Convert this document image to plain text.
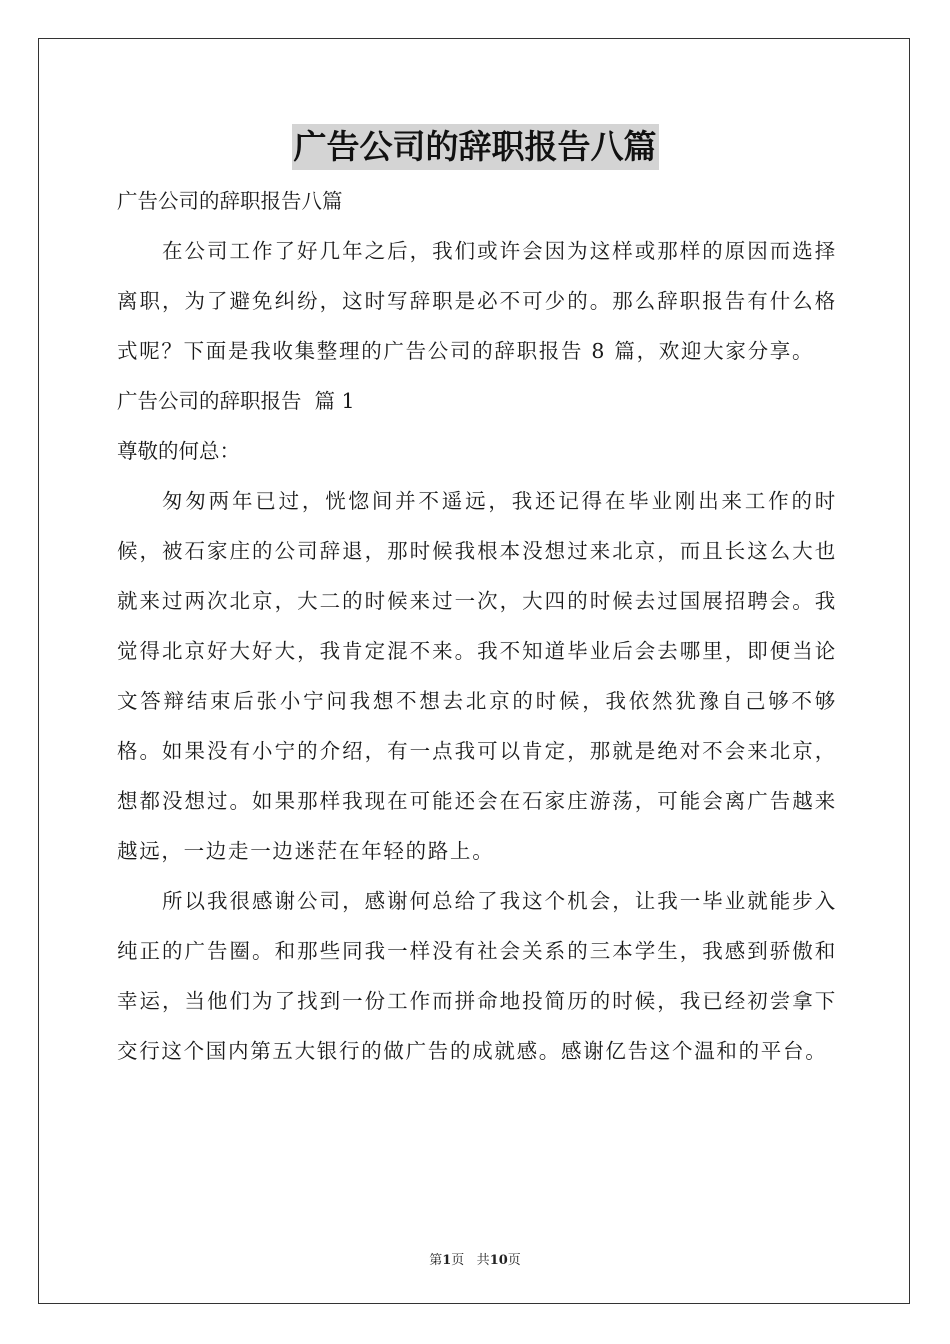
广告公司的辞职报告八篇

广告公司的辞职报告八篇

在公司工作了好几年之后，我们或许会因为这样或那样的原因而选择离职，为了避免纠纷，这时写辞职是必不可少的。那么辞职报告有什么格式呢？下面是我收集整理的广告公司的辞职报告 8 篇，欢迎大家分享。

广告公司的辞职报告  篇 1

尊敬的何总：

匆匆两年已过，恍惚间并不遥远，我还记得在毕业刚出来工作的时候，被石家庄的公司辞退，那时候我根本没想过来北京，而且长这么大也就来过两次北京，大二的时候来过一次，大四的时候去过国展招聘会。我觉得北京好大好大，我肯定混不来。我不知道毕业后会去哪里，即便当论文答辩结束后张小宁问我想不想去北京的时候，我依然犹豫自己够不够格。如果没有小宁的介绍，有一点我可以肯定，那就是绝对不会来北京，想都没想过。如果那样我现在可能还会在石家庄游荡，可能会离广告越来越远，一边走一边迷茫在年轻的路上。

所以我很感谢公司，感谢何总给了我这个机会，让我一毕业就能步入纯正的广告圈。和那些同我一样没有社会关系的三本学生，我感到骄傲和幸运，当他们为了找到一份工作而拼命地投简历的时候，我已经初尝拿下交行这个国内第五大银行的做广告的成就感。感谢亿告这个温和的平台。

第1页 共10页
